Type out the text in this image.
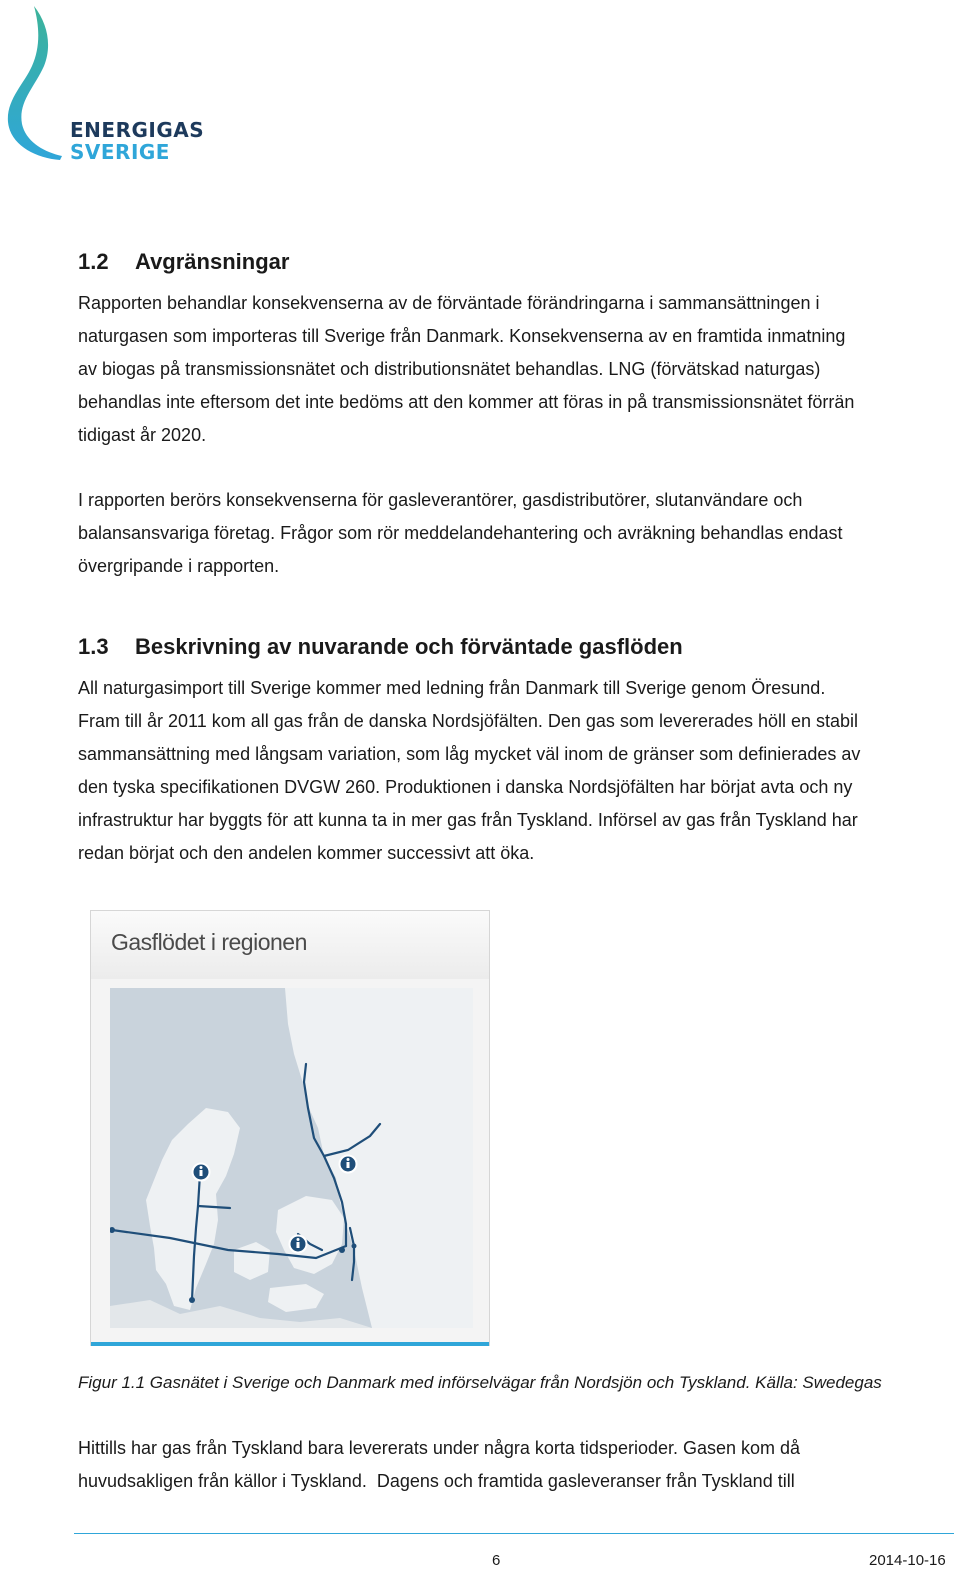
ENERGIGAS
SVERIGE
1.2 Avgränsningar

Rapporten behandlar konsekvenserna av de förväntade förändringarna i sammansättningen i

naturgasen som importeras till Sverige från Danmark. Konsekvenserna av en framtida inmatning

av biogas på transmissionsnätet och distributionsnätet behandlas. LNG (förvätskad naturgas)

behandlas inte eftersom det inte bedöms att den kommer att föras in på transmissionsnätet förrän

tidigast år 2020.

I rapporten berörs konsekvenserna för gasleverantörer, gasdistributörer, slutanvändare och

balansansvariga företag. Frågor som rör meddelandehantering och avräkning behandlas endast

övergripande i rapporten.

1.3 Beskrivning av nuvarande och förväntade gasflöden

All naturgasimport till Sverige kommer med ledning från Danmark till Sverige genom Öresund.

Fram till år 2011 kom all gas från de danska Nordsjöfälten. Den gas som levererades höll en stabil

sammansättning med långsam variation, som låg mycket väl inom de gränser som definierades av

den tyska specifikationen DVGW 260. Produktionen i danska Nordsjöfälten har börjat avta och ny

infrastruktur har byggts för att kunna ta in mer gas från Tyskland. Införsel av gas från Tyskland har

redan börjat och den andelen kommer successivt att öka.

Gasflödet i regionen
Figur 1.1 Gasnätet i Sverige och Danmark med införselvägar från Nordsjön och Tyskland. Källa: Swedegas

Hittills har gas från Tyskland bara levererats under några korta tidsperioder. Gasen kom då

huvudsakligen från källor i Tyskland.  Dagens och framtida gasleveranser från Tyskland till

6	2014-10-16
